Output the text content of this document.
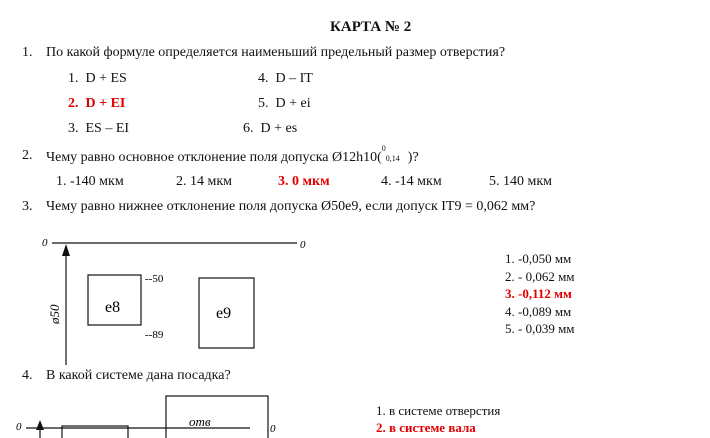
КАРТА № 2
1. По какой формуле определяется наименьший предельный размер отверстия?
1. D + ES	4. D – IT
2. D + EI	5. D + ei
3. ES – EI	6. D + es
2. Чему равно основное отклонение поля допуска Ø12h10(
0
0,14 )?
1. -140 мкм	2. 14 мкм	3. 0 мкм	4. -14 мкм	5. 140 мкм
3. Чему равно нижнее отклонение поля допуска Ø50e9, если допуск IT9 = 0,062 мм?
0	0
ø50	e8	e9
--50
--89
1. -0,050 мм
2. - 0,062 мм
3. -0,112 мм
4. -0,089 мм
5. - 0,039 мм
4. В какой системе дана посадка?
0	0
отв
1. в системе отверстия
2. в системе вала
